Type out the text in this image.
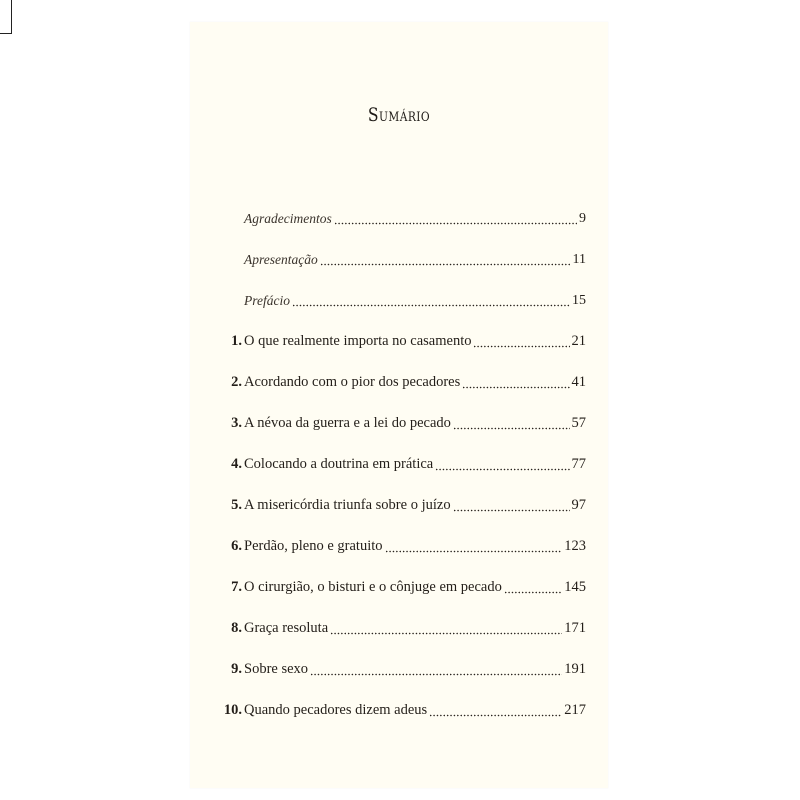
Sumário
Agradecimentos	9
Apresentação	11
Prefácio	15
1. O que realmente importa no casamento	21
2. Acordando com o pior dos pecadores	41
3. A névoa da guerra e a lei do pecado	57
4. Colocando a doutrina em prática	77
5. A misericórdia triunfa sobre o juízo	97
6. Perdão, pleno e gratuito	123
7. O cirurgião, o bisturi e o cônjuge em pecado	145
8. Graça resoluta	171
9. Sobre sexo	191
10. Quando pecadores dizem adeus	217
